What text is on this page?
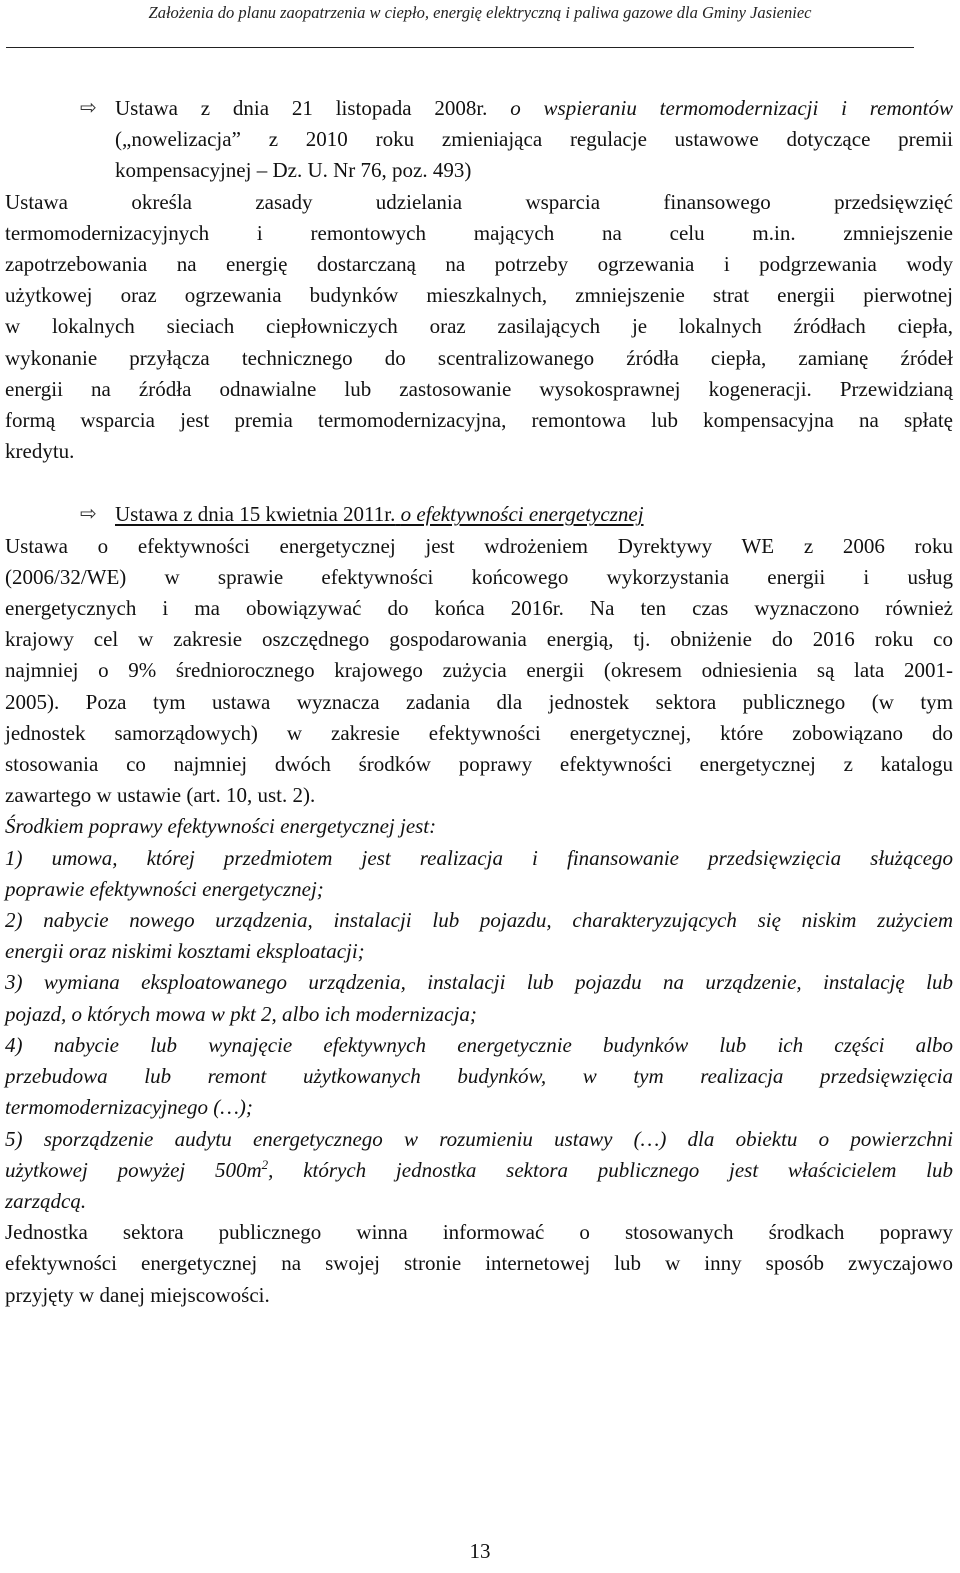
Założenia do planu zaopatrzenia w ciepło, energię elektryczną i paliwa gazowe dla Gminy Jasieniec

⇨ Ustawa z dnia 21 listopada 2008r. o wspieraniu termomodernizacji i remontów

(„nowelizacja” z 2010 roku zmieniająca regulacje ustawowe dotyczące premii

kompensacyjnej – Dz. U. Nr 76, poz. 493)

Ustawa określa zasady udzielania wsparcia finansowego przedsięwzięć

termomodernizacyjnych i remontowych mających na celu m.in. zmniejszenie

zapotrzebowania na energię dostarczaną na potrzeby ogrzewania i podgrzewania wody

użytkowej oraz ogrzewania budynków mieszkalnych, zmniejszenie strat energii pierwotnej

w lokalnych sieciach ciepłowniczych oraz zasilających je lokalnych źródłach ciepła,

wykonanie przyłącza technicznego do scentralizowanego źródła ciepła, zamianę źródeł

energii na źródła odnawialne lub zastosowanie wysokosprawnej kogeneracji. Przewidzianą

formą wsparcia jest premia termomodernizacyjna, remontowa lub kompensacyjna na spłatę

kredytu.

⇨ Ustawa z dnia 15 kwietnia 2011r. o efektywności energetycznej

Ustawa o efektywności energetycznej jest wdrożeniem Dyrektywy WE z 2006 roku

(2006/32/WE) w sprawie efektywności końcowego wykorzystania energii i usług

energetycznych i ma obowiązywać do końca 2016r. Na ten czas wyznaczono również

krajowy cel w zakresie oszczędnego gospodarowania energią, tj. obniżenie do 2016 roku co

najmniej o 9% średniorocznego krajowego zużycia energii (okresem odniesienia są lata 2001-

2005). Poza tym ustawa wyznacza zadania dla jednostek sektora publicznego (w tym

jednostek samorządowych) w zakresie efektywności energetycznej, które zobowiązano do

stosowania co najmniej dwóch środków poprawy efektywności energetycznej z katalogu

zawartego w ustawie (art. 10, ust. 2).

Środkiem poprawy efektywności energetycznej jest:

1) umowa, której przedmiotem jest realizacja i finansowanie przedsięwzięcia służącego

poprawie efektywności energetycznej;

2) nabycie nowego urządzenia, instalacji lub pojazdu, charakteryzujących się niskim zużyciem

energii oraz niskimi kosztami eksploatacji;

3) wymiana eksploatowanego urządzenia, instalacji lub pojazdu na urządzenie, instalację lub

pojazd, o których mowa w pkt 2, albo ich modernizacja;

4) nabycie lub wynajęcie efektywnych energetycznie budynków lub ich części albo

przebudowa lub remont użytkowanych budynków, w tym realizacja przedsięwzięcia

termomodernizacyjnego (…);

5) sporządzenie audytu energetycznego w rozumieniu ustawy (…) dla obiektu o powierzchni

użytkowej powyżej $500m^2$, których jednostka sektora publicznego jest właścicielem lub

zarządcą.

Jednostka sektora publicznego winna informować o stosowanych środkach poprawy

efektywności energetycznej na swojej stronie internetowej lub w inny sposób zwyczajowo

przyjęty w danej miejscowości.

13
